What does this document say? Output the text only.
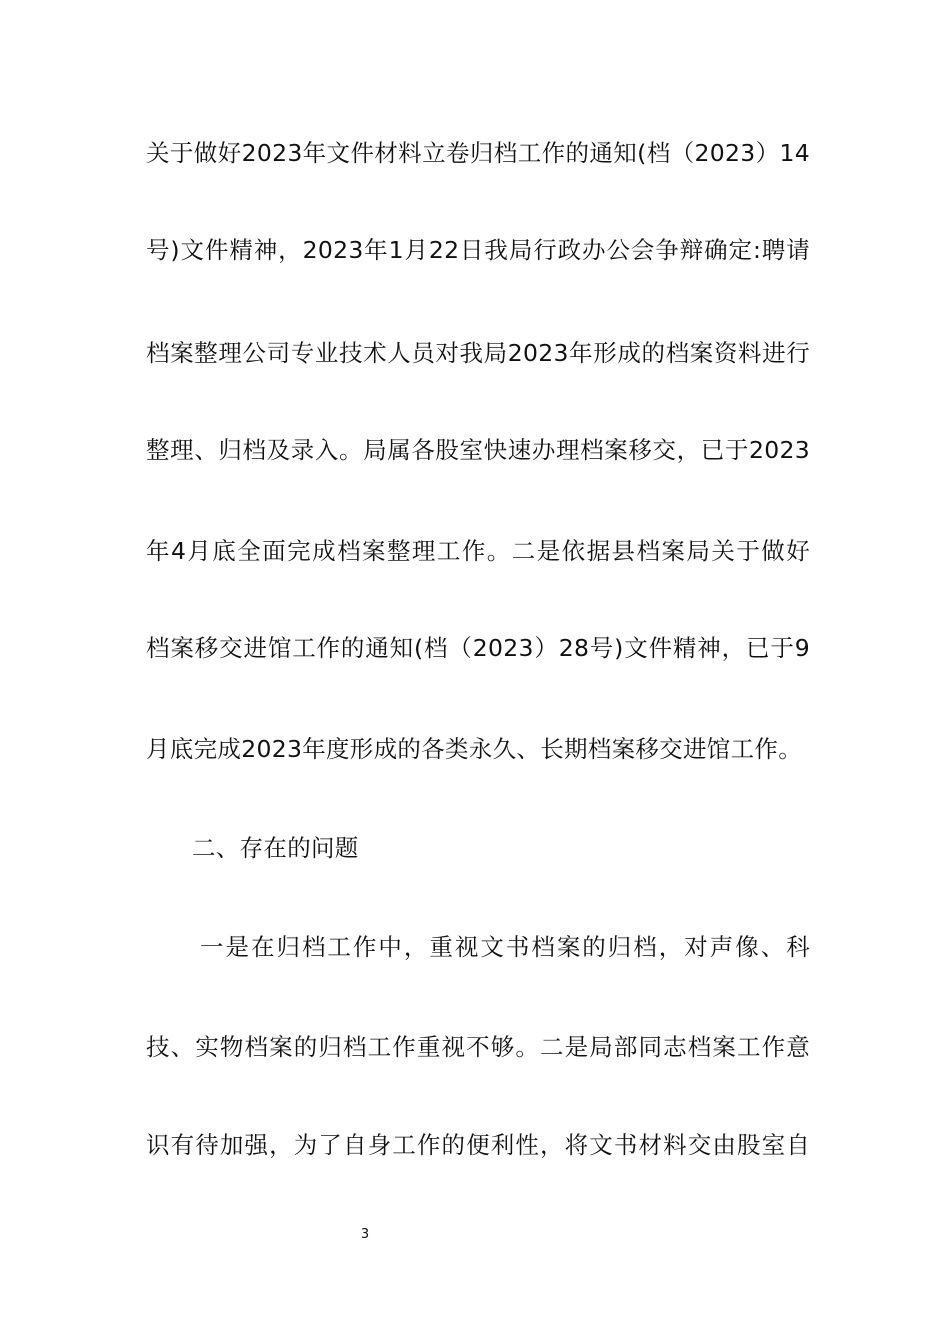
关于做好2023年文件材料立卷归档工作的通知(档（2023）14
号)文件精神，2023年1月22日我局行政办公会争辩确定:聘请
档案整理公司专业技术人员对我局2023年形成的档案资料进行
整理、归档及录入。局属各股室快速办理档案移交，已于2023
年4月底全面完成档案整理工作。二是依据县档案局关于做好
档案移交进馆工作的通知(档（2023）28号)文件精神，已于9
月底完成2023年度形成的各类永久、长期档案移交进馆工作。
二、存在的问题
一是在归档工作中，重视文书档案的归档，对声像、科
技、实物档案的归档工作重视不够。二是局部同志档案工作意
识有待加强，为了自身工作的便利性，将文书材料交由股室自
3
